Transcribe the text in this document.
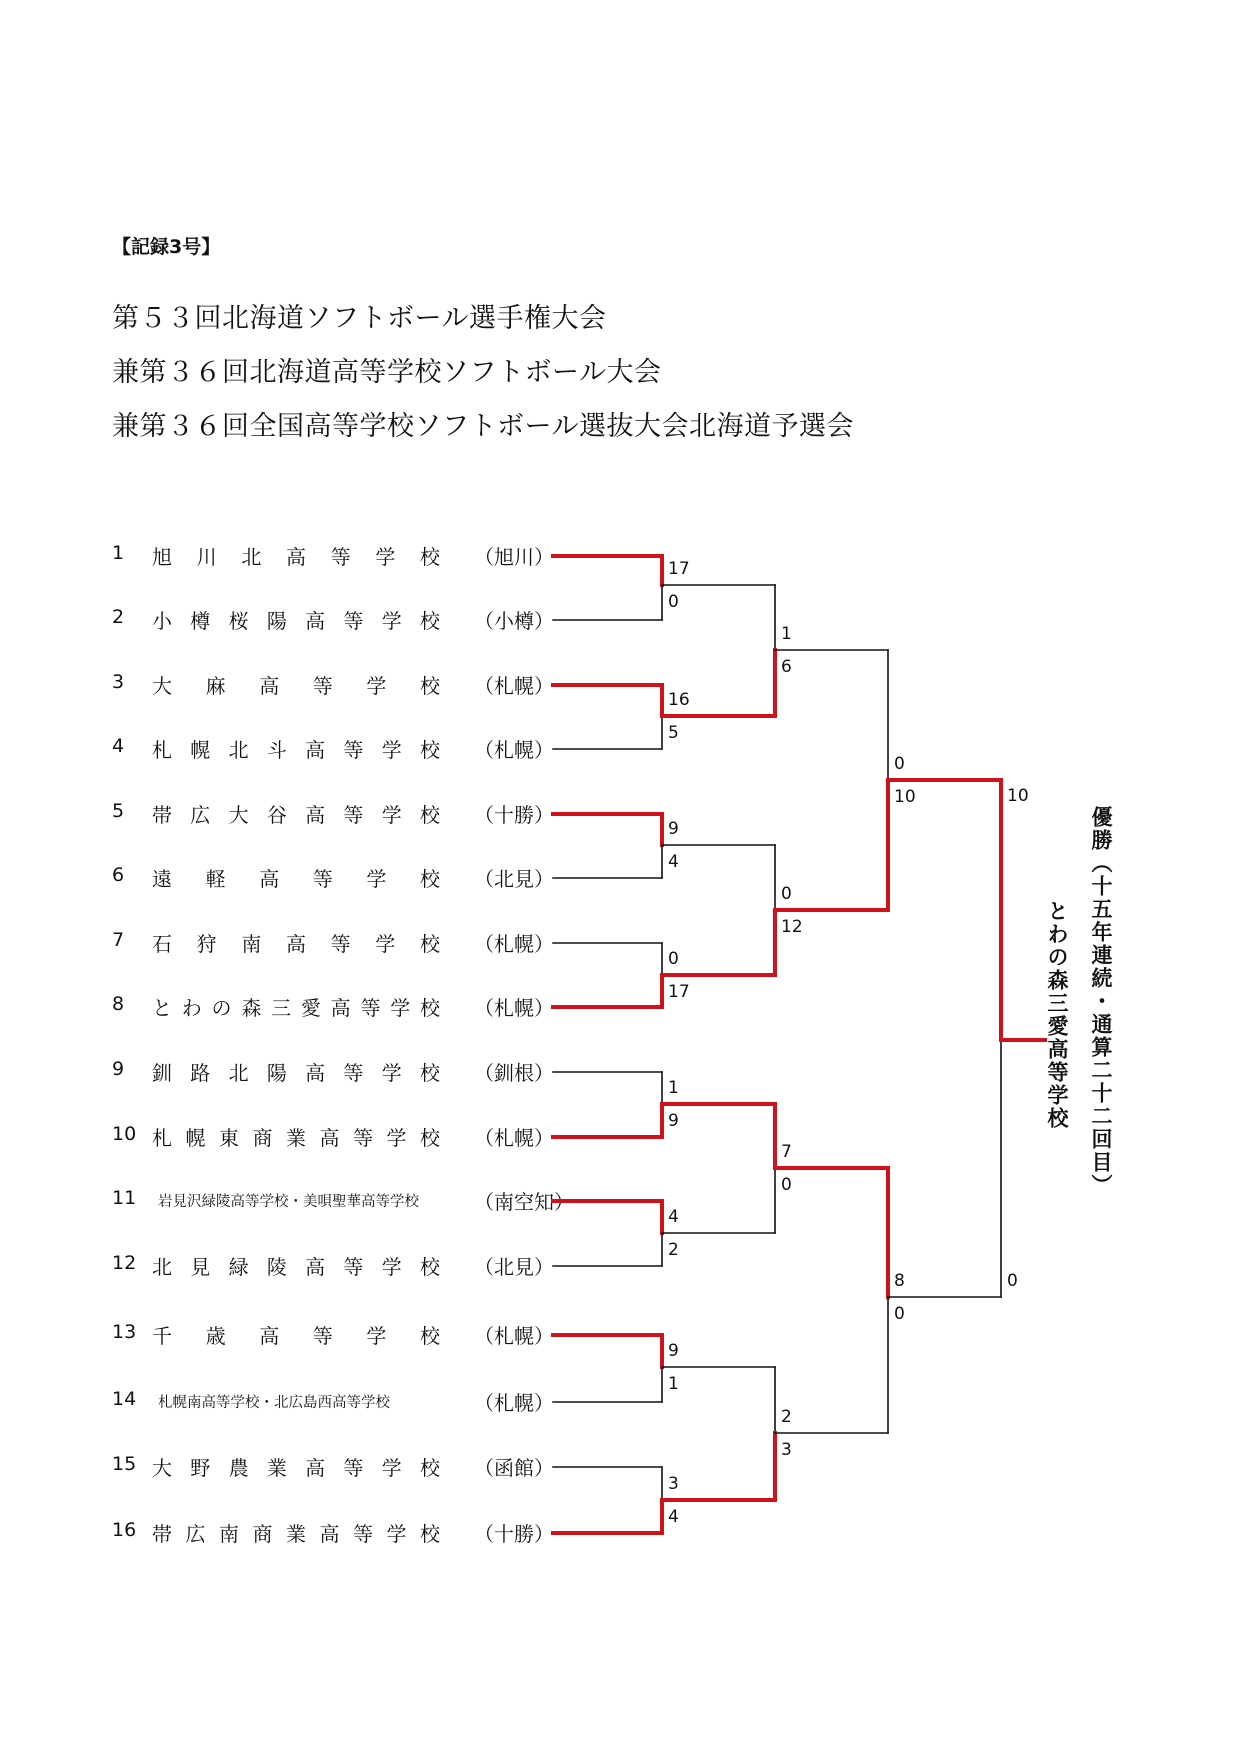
【記録3号】
第５３回北海道ソフトボール選手権大会
兼第３６回北海道高等学校ソフトボール大会
兼第３６回全国高等学校ソフトボール選抜大会北海道予選会
1	旭川北高等学校 （旭川）
2	小樽桜陽高等学校 （小樽）
3	大麻高等学校 （札幌）
4	札幌北斗高等学校 （札幌）
5	帯広大谷高等学校 （十勝）
6	遠軽高等学校 （北見）
7	石狩南高等学校 （札幌）
8	とわの森三愛高等学校 （札幌）
9	釧路北陽高等学校 （釧根）
10 札幌東商業高等学校 （札幌）
11	岩見沢緑陵高等学校・美唄聖華高等学校	（南空知）
12 北見緑陵高等学校 （北見）
13 千歳高等学校 （札幌）
14	札幌南高等学校・北広島西高等学校	（札幌）
15 大野農業高等学校 （函館）
16 帯広南商業高等学校 （十勝）
17
0
16
5
9
4
0
17
1
9
4
2
9
1
3
4
1
6
0
12
7
0
2
3
0
10
8
0
10
0
優勝（十五年連続・通算二十二回目）
とわの森三愛高等学校
